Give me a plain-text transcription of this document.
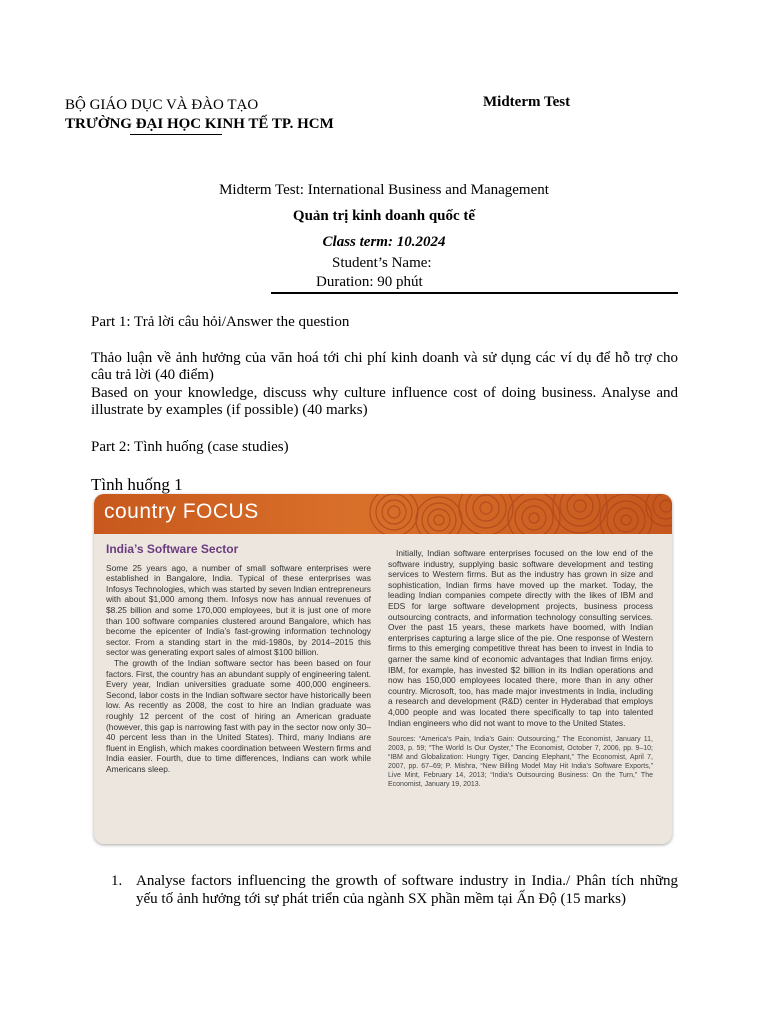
BỘ GIÁO DỤC VÀ ĐÀO TẠO
TRƯỜNG ĐẠI HỌC KINH TẾ TP. HCM
Midterm Test
Midterm Test: International Business and Management
Quản trị kinh doanh quốc tế
Class term: 10.2024
Student’s Name:
Duration: 90 phút
Part 1: Trả lời câu hỏi/Answer the question
Thảo luận về ảnh hưởng của văn hoá tới chi phí kinh doanh và sử dụng các ví dụ để hỗ trợ cho câu trả lời (40 điểm)
Based on your knowledge, discuss why culture influence cost of doing business. Analyse and illustrate by examples (if possible) (40 marks)
Part 2: Tình huống (case studies)
Tình huống 1
country FOCUS
India’s Software Sector

Some 25 years ago, a number of small software enterprises were established in Bangalore, India. Typical of these enterprises was Infosys Technologies, which was started by seven Indian entrepreneurs with about $1,000 among them. Infosys now has annual revenues of $8.25 billion and some 170,000 employees, but it is just one of more than 100 software companies clustered around Bangalore, which has become the epicenter of India’s fast-growing information technology sector. From a standing start in the mid-1980s, by 2014–2015 this sector was generating export sales of almost $100 billion.

The growth of the Indian software sector has been based on four factors. First, the country has an abundant supply of engineering talent. Every year, Indian universities graduate some 400,000 engineers. Second, labor costs in the Indian software sector have historically been low. As recently as 2008, the cost to hire an Indian graduate was roughly 12 percent of the cost of hiring an American graduate (however, this gap is narrowing fast with pay in the sector now only 30–40 percent less than in the United States). Third, many Indians are fluent in English, which makes coordination between Western firms and India easier. Fourth, due to time differences, Indians can work while Americans sleep.

Initially, Indian software enterprises focused on the low end of the software industry, supplying basic software development and testing services to Western firms. But as the industry has grown in size and sophistication, Indian firms have moved up the market. Today, the leading Indian companies compete directly with the likes of IBM and EDS for large software development projects, business process outsourcing contracts, and information technology consulting services. Over the past 15 years, these markets have boomed, with Indian enterprises capturing a large slice of the pie. One response of Western firms to this emerging competitive threat has been to invest in India to garner the same kind of economic advantages that Indian firms enjoy. IBM, for example, has invested $2 billion in its Indian operations and now has 150,000 employees located there, more than in any other country. Microsoft, too, has made major investments in India, including a research and development (R&D) center in Hyderabad that employs 4,000 people and was located there specifically to tap into talented Indian engineers who did not want to move to the United States.

Sources: “America’s Pain, India’s Gain: Outsourcing,” The Economist, January 11, 2003, p. 59; “The World Is Our Oyster,” The Economist, October 7, 2006, pp. 9–10; “IBM and Globalization: Hungry Tiger, Dancing Elephant,” The Economist, April 7, 2007, pp. 67–69; P. Mishra, “New Billing Model May Hit India’s Software Exports,” Live Mint, February 14, 2013; “India’s Outsourcing Business: On the Turn,” The Economist, January 19, 2013.

1. Analyse factors influencing the growth of software industry in India./ Phân tích những yếu tố ảnh hưởng tới sự phát triển của ngành SX phần mềm tại Ấn Độ (15 marks)
